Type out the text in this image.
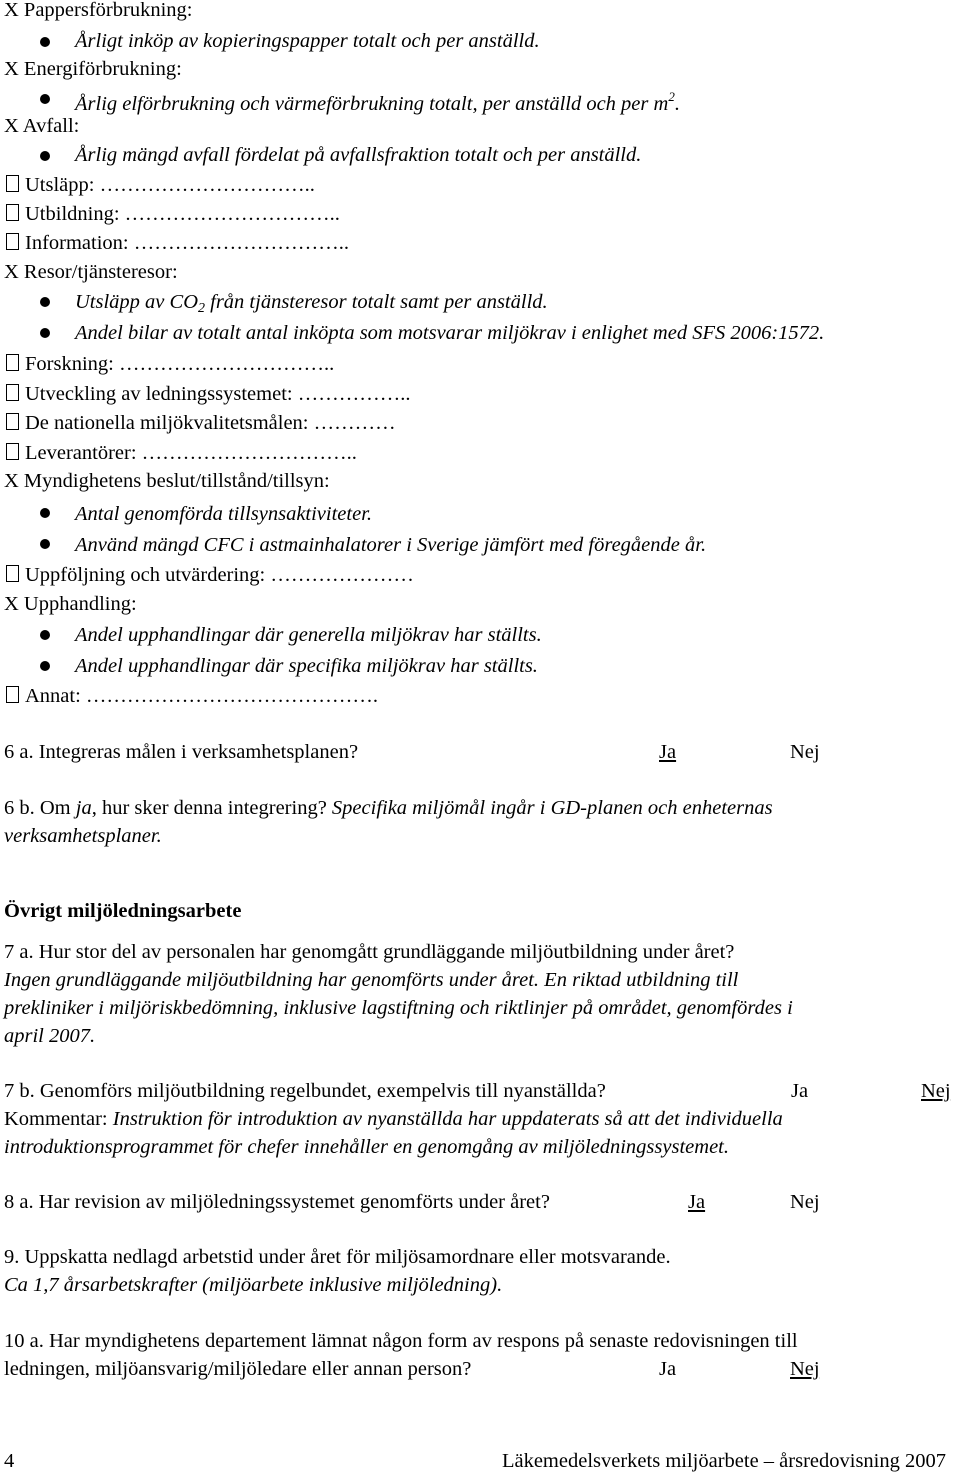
X Pappersförbrukning:
Årligt inköp av kopieringspapper totalt och per anställd.
X Energiförbrukning:
Årlig elförbrukning och värmeförbrukning totalt, per anställd och per $m^2$.
X Avfall:
Årlig mängd avfall fördelat på avfallsfraktion totalt och per anställd.
Utsläpp: …………………………..
Utbildning: …………………………..
Information: …………………………..
X Resor/tjänsteresor:
Utsläpp av $CO_2$ från tjänsteresor totalt samt per anställd.
Andel bilar av totalt antal inköpta som motsvarar miljökrav i enlighet med SFS 2006:1572.
Forskning: …………………………..
Utveckling av ledningssystemet: ……………..
De nationella miljökvalitetsmålen: …………
Leverantörer: …………………………..
X Myndighetens beslut/tillstånd/tillsyn:
Antal genomförda tillsynsaktiviteter.
Använd mängd CFC i astmainhalatorer i Sverige jämfört med föregående år.
Uppföljning och utvärdering: …………………
X Upphandling:
Andel upphandlingar där generella miljökrav har ställts.
Andel upphandlingar där specifika miljökrav har ställts.
Annat: …………………………………….
6 a. Integreras målen i verksamhetsplanen?	Ja	Nej
6 b. Om ja, hur sker denna integrering? Specifika miljömål ingår i GD-planen och enheternas
verksamhetsplaner.
Övrigt miljöledningsarbete
7 a. Hur stor del av personalen har genomgått grundläggande miljöutbildning under året?
Ingen grundläggande miljöutbildning har genomförts under året. En riktad utbildning till
prekliniker i miljöriskbedömning, inklusive lagstiftning och riktlinjer på området, genomfördes i
april 2007.
7 b. Genomförs miljöutbildning regelbundet, exempelvis till nyanställda?	Ja	Nej
Kommentar: Instruktion för introduktion av nyanställda har uppdaterats så att det individuella
introduktionsprogrammet för chefer innehåller en genomgång av miljöledningssystemet.
8 a. Har revision av miljöledningssystemet genomförts under året?	Ja	Nej
9. Uppskatta nedlagd arbetstid under året för miljösamordnare eller motsvarande.
Ca 1,7 årsarbetskrafter (miljöarbete inklusive miljöledning).
10 a. Har myndighetens departement lämnat någon form av respons på senaste redovisningen till
ledningen, miljöansvarig/miljöledare eller annan person?	Ja	Nej
4	Läkemedelsverkets miljöarbete – årsredovisning 2007
